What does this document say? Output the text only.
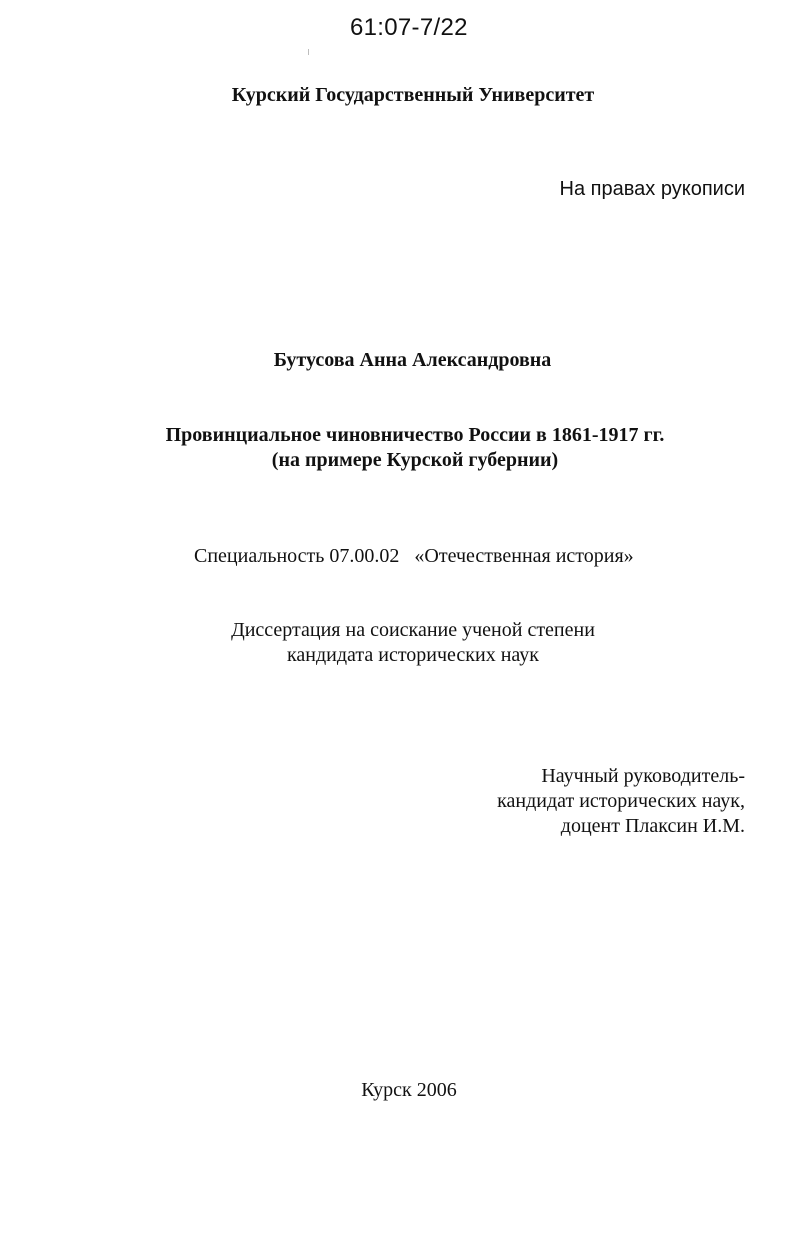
61:07-7/22
Курский Государственный Университет
На правах рукописи
Бутусова Анна Александровна
Провинциальное чиновничество России в 1861-1917 гг.
(на примере Курской губернии)
Специальность 07.00.02   «Отечественная история»
Диссертация на соискание ученой степени
кандидата исторических наук
Научный руководитель-
кандидат исторических наук,
доцент Плаксин И.М.
Курск 2006
